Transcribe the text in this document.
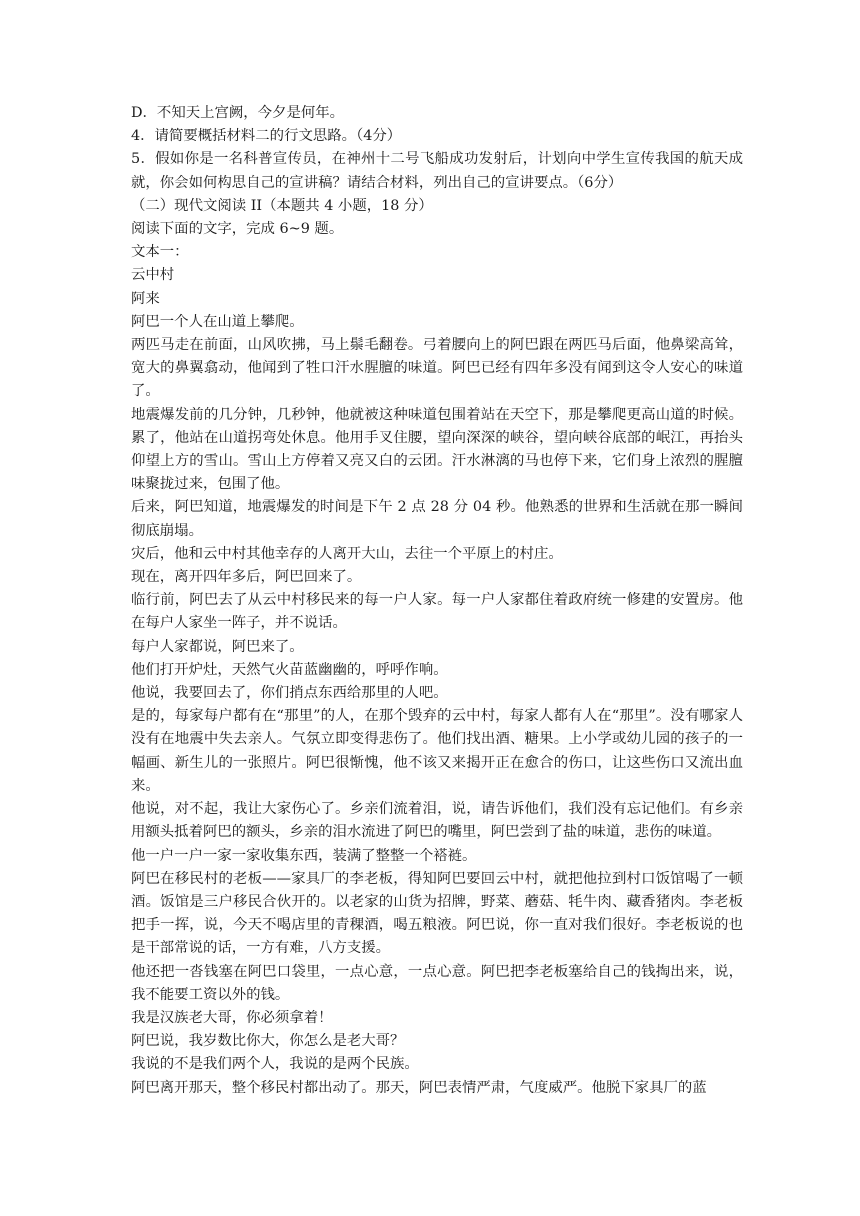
D．不知天上宫阙，今夕是何年。

4．请简要概括材料二的行文思路。（4分）

5．假如你是一名科普宣传员，在神州十二号飞船成功发射后，计划向中学生宣传我国的航天成就，你会如何构思自己的宣讲稿？请结合材料，列出自己的宣讲要点。（6分）

（二）现代文阅读 II（本题共 4 小题，18 分）

阅读下面的文字，完成 6~9 题。

文本一：

云中村

阿来

阿巴一个人在山道上攀爬。

两匹马走在前面，山风吹拂，马上鬃毛翻卷。弓着腰向上的阿巴跟在两匹马后面，他鼻梁高耸，宽大的鼻翼翕动，他闻到了牲口汗水腥膻的味道。阿巴已经有四年多没有闻到这令人安心的味道了。

地震爆发前的几分钟，几秒钟，他就被这种味道包围着站在天空下，那是攀爬更高山道的时候。累了，他站在山道拐弯处休息。他用手叉住腰，望向深深的峡谷，望向峡谷底部的岷江，再抬头仰望上方的雪山。雪山上方停着又亮又白的云团。汗水淋漓的马也停下来，它们身上浓烈的腥膻味聚拢过来，包围了他。

后来，阿巴知道，地震爆发的时间是下午 2 点 28 分 04 秒。他熟悉的世界和生活就在那一瞬间彻底崩塌。

灾后，他和云中村其他幸存的人离开大山，去往一个平原上的村庄。

现在，离开四年多后，阿巴回来了。

临行前，阿巴去了从云中村移民来的每一户人家。每一户人家都住着政府统一修建的安置房。他在每户人家坐一阵子，并不说话。

每户人家都说，阿巴来了。

他们打开炉灶，天然气火苗蓝幽幽的，呼呼作响。

他说，我要回去了，你们捎点东西给那里的人吧。

是的，每家每户都有在“那里”的人，在那个毁弃的云中村，每家人都有人在“那里”。没有哪家人没有在地震中失去亲人。气氛立即变得悲伤了。他们找出酒、糖果。上小学或幼儿园的孩子的一幅画、新生儿的一张照片。阿巴很惭愧，他不该又来揭开正在愈合的伤口，让这些伤口又流出血来。

他说，对不起，我让大家伤心了。乡亲们流着泪，说，请告诉他们，我们没有忘记他们。有乡亲用额头抵着阿巴的额头，乡亲的泪水流进了阿巴的嘴里，阿巴尝到了盐的味道，悲伤的味道。

他一户一户一家一家收集东西，装满了整整一个褡裢。

阿巴在移民村的老板——家具厂的李老板，得知阿巴要回云中村，就把他拉到村口饭馆喝了一顿酒。饭馆是三户移民合伙开的。以老家的山货为招牌，野菜、蘑菇、牦牛肉、藏香猪肉。李老板把手一挥，说，今天不喝店里的青稞酒，喝五粮液。阿巴说，你一直对我们很好。李老板说的也是干部常说的话，一方有难，八方支援。

他还把一沓钱塞在阿巴口袋里，一点心意，一点心意。阿巴把李老板塞给自己的钱掏出来，说，我不能要工资以外的钱。

我是汉族老大哥，你必须拿着！

阿巴说，我岁数比你大，你怎么是老大哥？

我说的不是我们两个人，我说的是两个民族。

阿巴离开那天，整个移民村都出动了。那天，阿巴表情严肃，气度威严。他脱下家具厂的蓝
